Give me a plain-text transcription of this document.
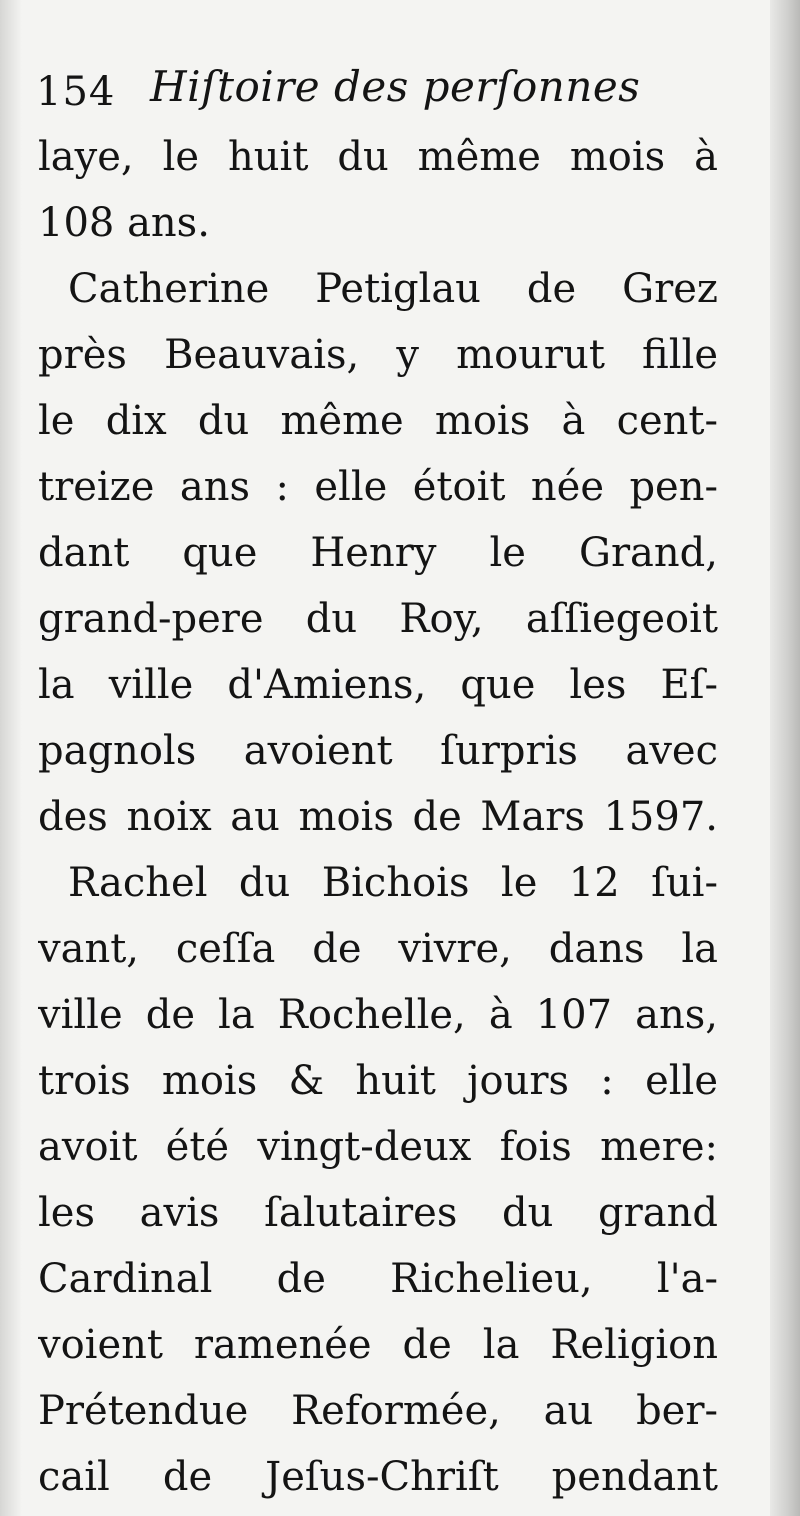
154 Hiſtoire des perſonnes
laye, le huit du même mois à
108 ans.
Catherine Petiglau de Grez
près Beauvais, y mourut fille
le dix du même mois à cent-
treize ans : elle étoit née pen-
dant que Henry le Grand,
grand-pere du Roy, aſſiegeoit
la ville d'Amiens, que les Eſ-
pagnols avoient ſurpris avec
des noix au mois de Mars 1597.
Rachel du Bichois le 12 ſui-
vant, ceſſa de vivre, dans la
ville de la Rochelle, à 107 ans,
trois mois & huit jours : elle
avoit été vingt-deux fois mere:
les avis ſalutaires du grand
Cardinal de Richelieu, l'a-
voient ramenée de la Religion
Prétendue Reformée, au ber-
cail de Jeſus-Chriſt pendant
